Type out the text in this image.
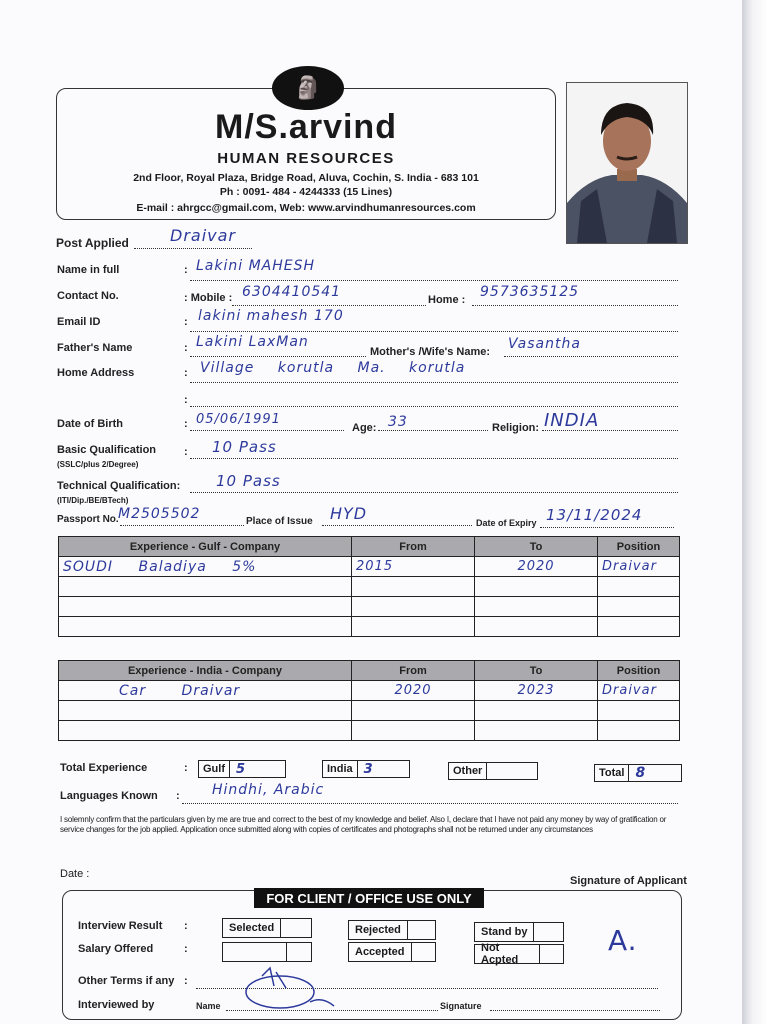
🗿
M/S.arvind
HUMAN RESOURCES
2nd Floor, Royal Plaza, Bridge Road, Aluva, Cochin, S. India - 683 101
Ph : 0091- 484 - 4244333 (15 Lines)
E-mail : ahrgcc@gmail.com, Web: www.arvindhumanresources.com
Post Applied	Draivar
Name in full	: Lakini MAHESH
Contact No.	: Mobile : 6304410541	Home : 9573635125
Email ID	: lakini mahesh 170
Father's Name	: Lakini LaxMan
Mother's /Wife's Name: Vasantha
Home Address	: Village korutla Ma. korutla
:
Date of Birth	: 05/06/1991
Age: 33	Religion: INDIA
Basic Qualification
(SSLC/plus 2/Degree)
: 10 Pass
Technical Qualification:
(ITI/Dip./BE/BTech)
10 Pass
Passport No. M2505502	Place of Issue HYD	Date of Expiry 13/11/2024
Experience - Gulf - Company	From	To	Position
SOUDI Baladiya 5%	2015	2020	Draivar

Experience - India - Company	From	To	Position
Car Draivar	2020	2023	Draivar

Total Experience	:	Gulf 5	India 3	Other	Total 8
Languages Known : Hindhi, Arabic
I solemnly confirm that the particulars given by me are true and correct to the best of my knowledge and belief. Also I, declare that I have not paid any money by way of gratification or service changes for the job applied. Application once submitted along with copies of certificates and photographs shall not be returned under any circumstances
Date :
Signature of Applicant
FOR CLIENT / OFFICE USE ONLY
Interview Result :
Salary Offered	:
Selected	Rejected
Accepted
Stand by
Not Acpted
A.
Other Terms if any :
Interviewed by	Name	Signature
